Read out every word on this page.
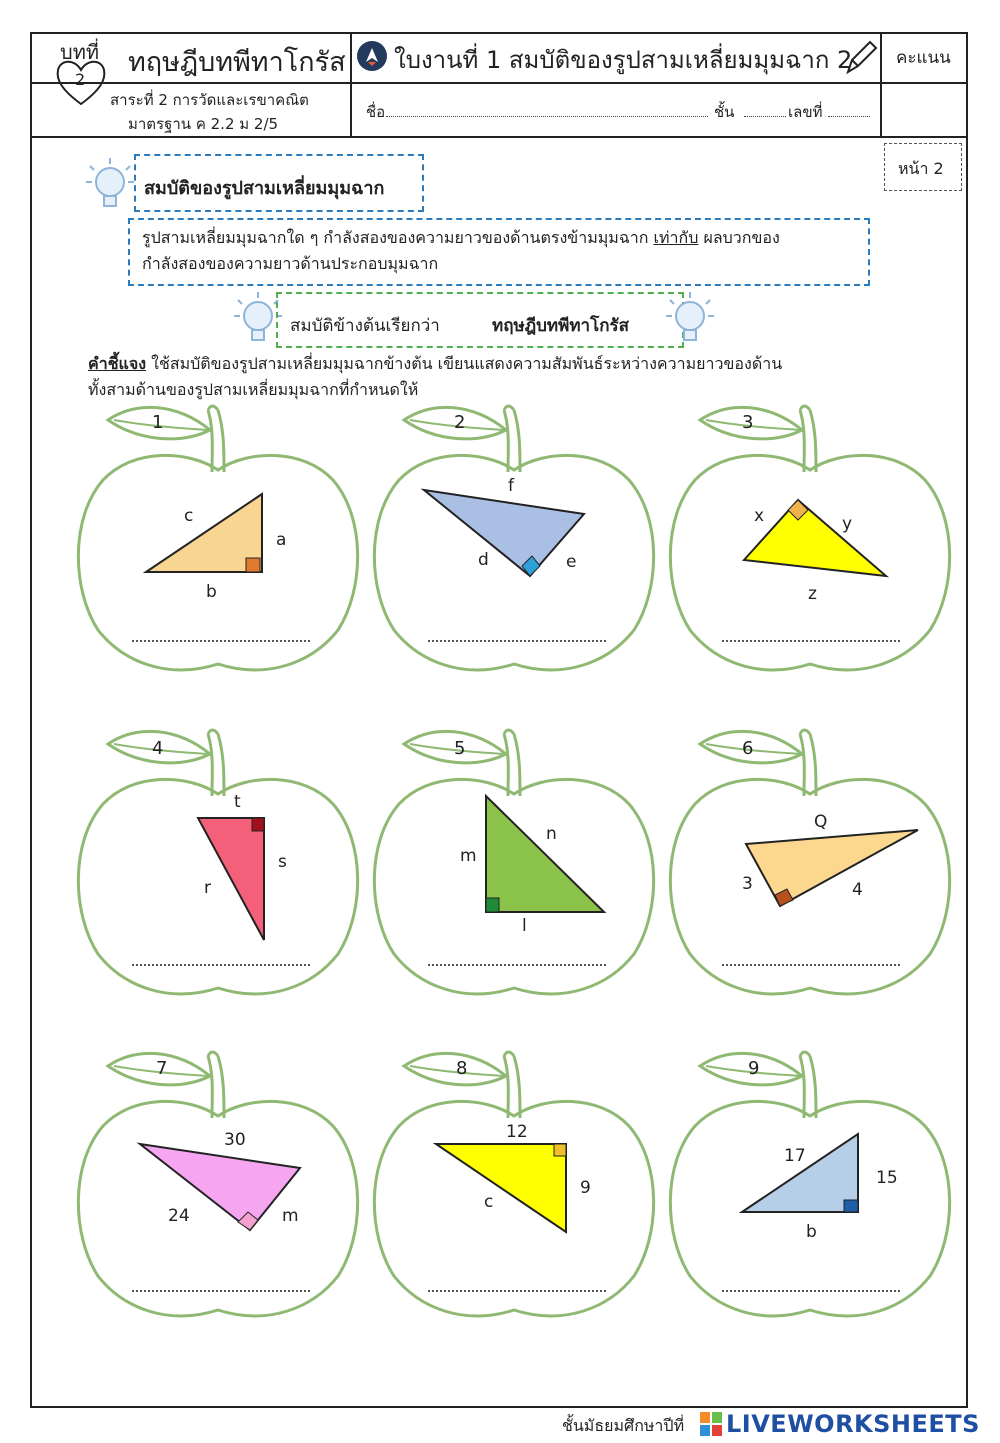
บทที่
2
ทฤษฎีบทพีทาโกรัส
สาระที่ 2 การวัดและเรขาคณิต
มาตรฐาน ค 2.2 ม 2/5
ใบงานที่ 1 สมบัติของรูปสามเหลี่ยมมุมฉาก 2
ชื่อ	ชั้น	เลขที่
คะแนน
หน้า 2
สมบัติของรูปสามเหลี่ยมมุมฉาก
รูปสามเหลี่ยมมุมฉากใด ๆ กำลังสองของความยาวของด้านตรงข้ามมุมฉาก เท่ากับ ผลบวกของ
กำลังสองของความยาวด้านประกอบมุมฉาก
สมบัติข้างต้นเรียกว่า	ทฤษฎีบทพีทาโกรัส
คำชี้แจง ใช้สมบัติของรูปสามเหลี่ยมมุมฉากข้างต้น เขียนแสดงความสัมพันธ์ระหว่างความยาวของด้าน
ทั้งสามด้านของรูปสามเหลี่ยมมุมฉากที่กำหนดให้
1	2	3
4	5	6
7	8	9
c
a
b
f
d	e
x	y
z
t
s
r
m
n
l
Q
3	4
30
24	m
12
9
c
17
15
b
ชั้นมัธยมศึกษาปีที่ LIVEWORKSHEETS
